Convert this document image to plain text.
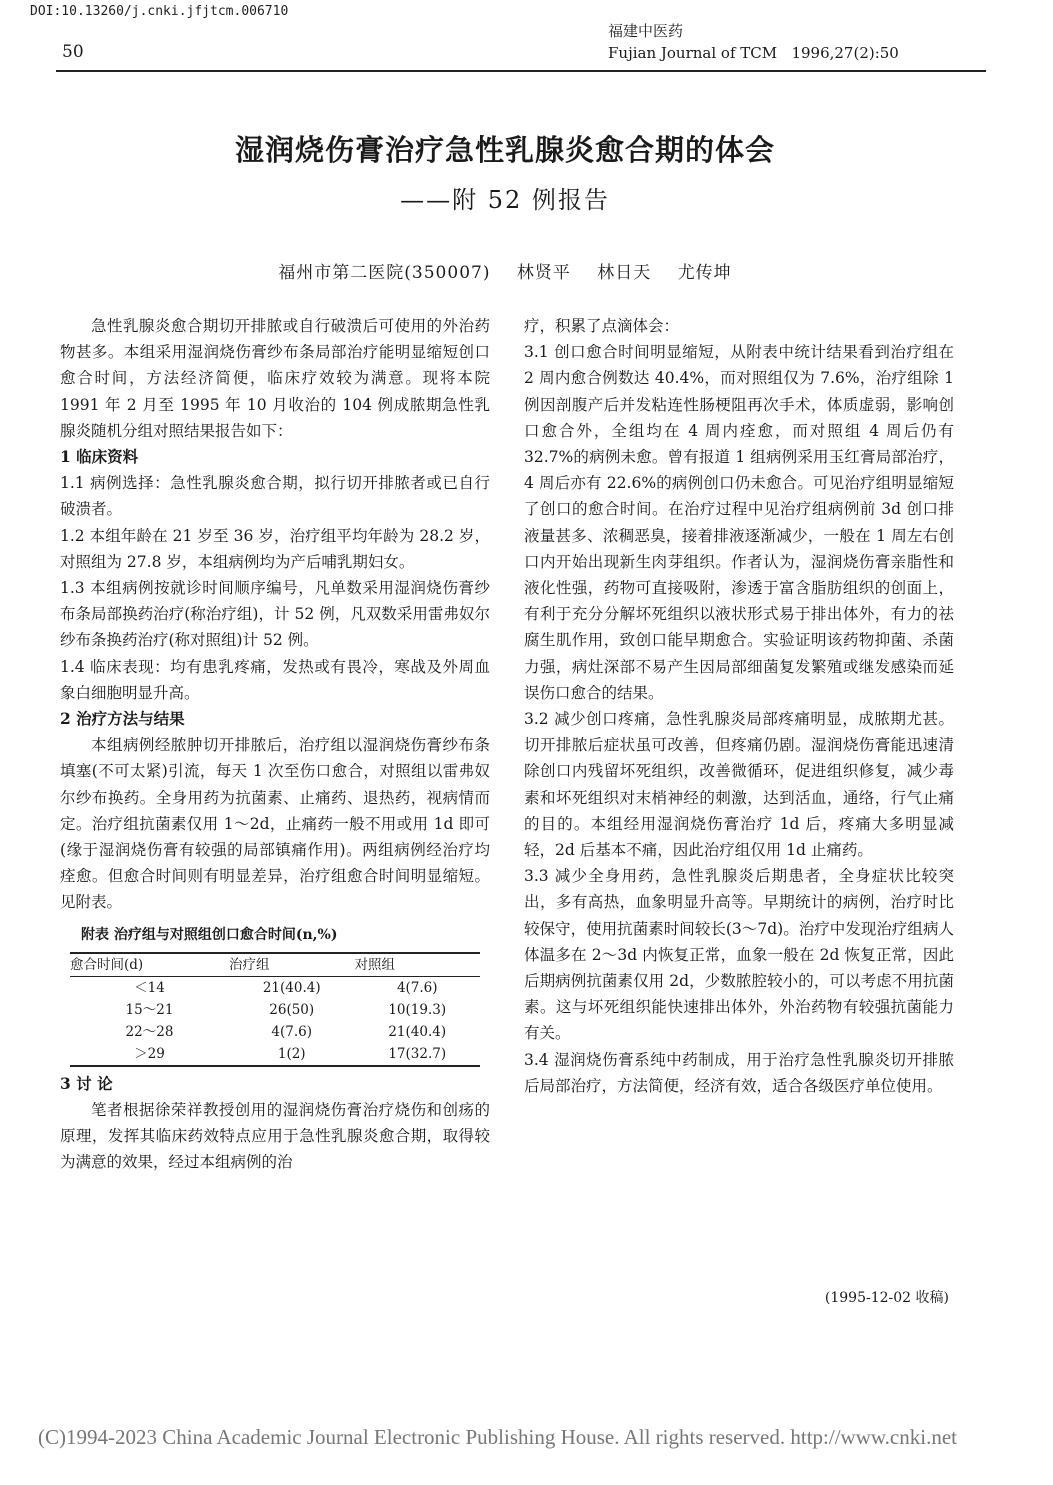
DOI:10.13260/j.cnki.jfjtcm.006710
50
福建中医药
Fujian Journal of TCM 1996,27(2):50
湿润烧伤膏治疗急性乳腺炎愈合期的体会
——附 52 例报告
福州市第二医院(350007) 林贤平 林日天 尤传坤

急性乳腺炎愈合期切开排脓或自行破溃后可使用的外治药物甚多。本组采用湿润烧伤膏纱布条局部治疗能明显缩短创口愈合时间，方法经济简便，临床疗效较为满意。现将本院 1991 年 2 月至 1995 年 10 月收治的 104 例成脓期急性乳腺炎随机分组对照结果报告如下：

1 临床资料

1.1 病例选择：急性乳腺炎愈合期，拟行切开排脓者或已自行破溃者。

1.2 本组年龄在 21 岁至 36 岁，治疗组平均年龄为 28.2 岁，对照组为 27.8 岁，本组病例均为产后哺乳期妇女。

1.3 本组病例按就诊时间顺序编号，凡单数采用湿润烧伤膏纱布条局部换药治疗(称治疗组)，计 52 例，凡双数采用雷弗奴尔纱布条换药治疗(称对照组)计 52 例。

1.4 临床表现：均有患乳疼痛，发热或有畏冷，寒战及外周血象白细胞明显升高。

2 治疗方法与结果

本组病例经脓肿切开排脓后，治疗组以湿润烧伤膏纱布条填塞(不可太紧)引流，每天 1 次至伤口愈合，对照组以雷弗奴尔纱布换药。全身用药为抗菌素、止痛药、退热药，视病情而定。治疗组抗菌素仅用 1～2d，止痛药一般不用或用 1d 即可(缘于湿润烧伤膏有较强的局部镇痛作用)。两组病例经治疗均痊愈。但愈合时间则有明显差异，治疗组愈合时间明显缩短。见附表。

附表 治疗组与对照组创口愈合时间(n,%)
愈合时间(d)	治疗组	对照组
＜14	21(40.4)	4(7.6)
15～21	26(50)	10(19.3)
22～28	4(7.6)	21(40.4)
＞29	1(2)	17(32.7)

3 讨 论

笔者根据徐荣祥教授创用的湿润烧伤膏治疗烧伤和创疡的原理，发挥其临床药效特点应用于急性乳腺炎愈合期，取得较为满意的效果，经过本组病例的治

疗，积累了点滴体会：

3.1 创口愈合时间明显缩短，从附表中统计结果看到治疗组在 2 周内愈合例数达 40.4%，而对照组仅为 7.6%，治疗组除 1 例因剖腹产后并发粘连性肠梗阻再次手术，体质虚弱，影响创口愈合外，全组均在 4 周内痊愈，而对照组 4 周后仍有 32.7%的病例未愈。曾有报道 1 组病例采用玉红膏局部治疗，4 周后亦有 22.6%的病例创口仍未愈合。可见治疗组明显缩短了创口的愈合时间。在治疗过程中见治疗组病例前 3d 创口排液量甚多、浓稠恶臭，接着排液逐渐减少，一般在 1 周左右创口内开始出现新生肉芽组织。作者认为，湿润烧伤膏亲脂性和液化性强，药物可直接吸附，渗透于富含脂肪组织的创面上，有利于充分分解坏死组织以液状形式易于排出体外，有力的祛腐生肌作用，致创口能早期愈合。实验证明该药物抑菌、杀菌力强，病灶深部不易产生因局部细菌复发繁殖或继发感染而延误伤口愈合的结果。

3.2 减少创口疼痛，急性乳腺炎局部疼痛明显，成脓期尤甚。切开排脓后症状虽可改善，但疼痛仍剧。湿润烧伤膏能迅速清除创口内残留坏死组织，改善微循环，促进组织修复，减少毒素和坏死组织对末梢神经的刺激，达到活血，通络，行气止痛的目的。本组经用湿润烧伤膏治疗 1d 后，疼痛大多明显减轻，2d 后基本不痛，因此治疗组仅用 1d 止痛药。

3.3 减少全身用药，急性乳腺炎后期患者，全身症状比较突出，多有高热，血象明显升高等。早期统计的病例，治疗时比较保守，使用抗菌素时间较长(3～7d)。治疗中发现治疗组病人体温多在 2～3d 内恢复正常，血象一般在 2d 恢复正常，因此后期病例抗菌素仅用 2d，少数脓腔较小的，可以考虑不用抗菌素。这与坏死组织能快速排出体外，外治药物有较强抗菌能力有关。

3.4 湿润烧伤膏系纯中药制成，用于治疗急性乳腺炎切开排脓后局部治疗，方法简便，经济有效，适合各级医疗单位使用。

(1995-12-02 收稿)
(C)1994-2023 China Academic Journal Electronic Publishing House. All rights reserved. http://www.cnki.net
